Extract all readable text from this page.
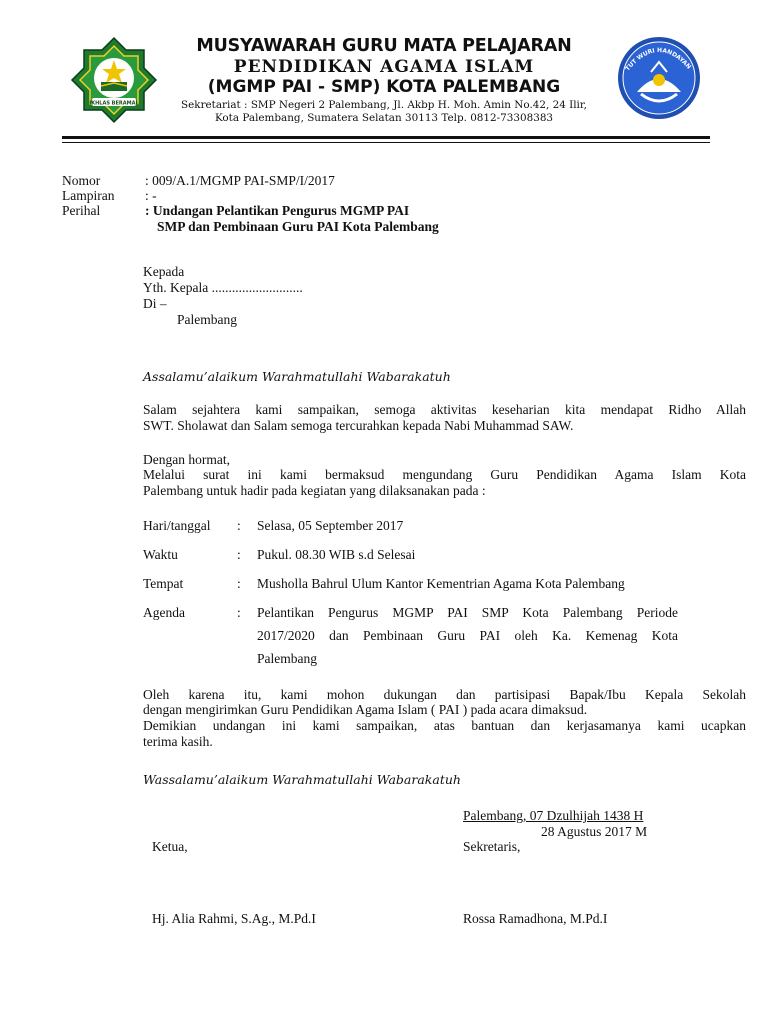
IKHLAS BERAMAL
TUT WURI HANDAYAN
MUSYAWARAH GURU MATA PELAJARAN
PENDIDIKAN AGAMA ISLAM
(MGMP PAI - SMP) KOTA PALEMBANG
Sekretariat : SMP Negeri 2 Palembang, Jl. Akbp H. Moh. Amin No.42, 24 Ilir,
Kota Palembang, Sumatera Selatan 30113 Telp. 0812-73308383
Nomor	: 009/A.1/MGMP PAI-SMP/I/2017
Lampiran : -
Perihal	: Undangan Pelantikan Pengurus MGMP PAI
SMP dan Pembinaan Guru PAI Kota Palembang
Kepada
Yth. Kepala ...........................
Di –
Palembang
Assalamu’alaikum Warahmatullahi Wabarakatuh
Salam sejahtera kami sampaikan, semoga aktivitas keseharian kita mendapat Ridho Allah
SWT. Sholawat dan Salam semoga tercurahkan kepada Nabi Muhammad SAW.
Dengan hormat,
Melalui surat ini kami bermaksud mengundang Guru Pendidikan Agama Islam Kota
Palembang untuk hadir pada kegiatan yang dilaksanakan pada :
Hari/tanggal : Selasa, 05 September 2017
Waktu	: Pukul. 08.30 WIB s.d Selesai
Tempat	: Musholla Bahrul Ulum Kantor Kementrian Agama Kota Palembang
Agenda	: Pelantikan Pengurus MGMP PAI SMP Kota Palembang Periode
2017/2020 dan Pembinaan Guru PAI oleh Ka. Kemenag Kota
Palembang
Oleh karena itu, kami mohon dukungan dan partisipasi Bapak/Ibu Kepala Sekolah
dengan mengirimkan Guru Pendidikan Agama Islam ( PAI ) pada acara dimaksud.
Demikian undangan ini kami sampaikan, atas bantuan dan kerjasamanya kami ucapkan
terima kasih.
Wassalamu’alaikum Warahmatullahi Wabarakatuh
Palembang, 07 Dzulhijah 1438 H
28 Agustus 2017 M
Ketua,	Sekretaris,
Hj. Alia Rahmi, S.Ag., M.Pd.I	Rossa Ramadhona, M.Pd.I
